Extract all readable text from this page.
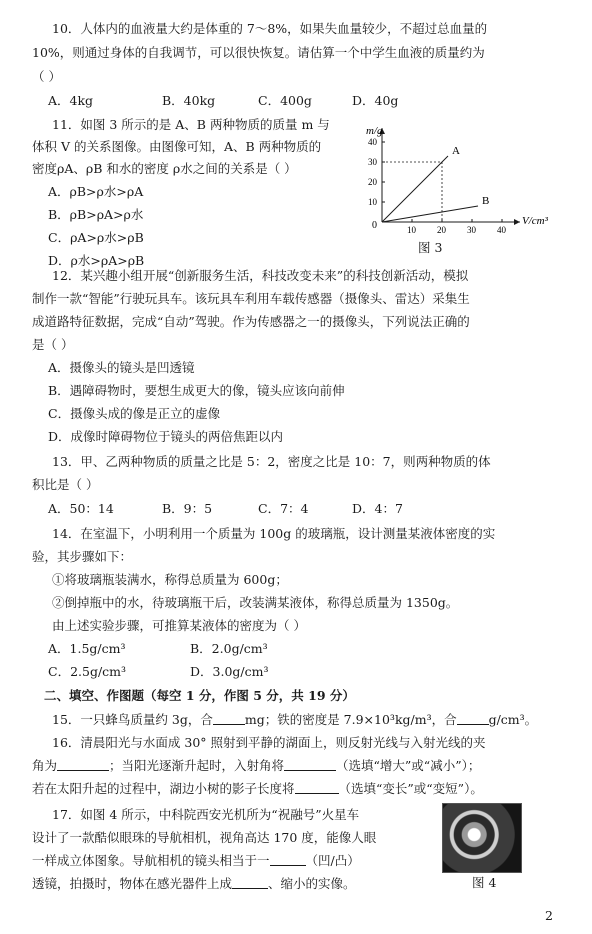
10．人体内的血液量大约是体重的 7～8%，如果失血量较少，不超过总血量的
10%，则通过身体的自我调节，可以很快恢复。请估算一个中学生血液的质量约为
（ ）
A．4kg	B．40kg	C．400g	D．40g
11．如图 3 所示的是 A、B 两种物质的质量 m 与
体积 V 的关系图像。由图像可知，A、B 两种物质的
密度ρA、ρB 和水的密度 ρ水之间的关系是（ ）
A．ρB>ρ水>ρA
B．ρB>ρA>ρ水
C．ρA>ρ水>ρB
D．ρ水>ρA>ρB
10 20 30 40
10
20
30
40
A
B
m/g
V/cm³
0
图 3
12．某兴趣小组开展“创新服务生活，科技改变未来”的科技创新活动，模拟
制作一款“智能”行驶玩具车。该玩具车利用车载传感器（摄像头、雷达）采集生
成道路特征数据，完成“自动”驾驶。作为传感器之一的摄像头，下列说法正确的
是（ ）
A．摄像头的镜头是凹透镜
B．遇障碍物时，要想生成更大的像，镜头应该向前伸
C．摄像头成的像是正立的虚像
D．成像时障碍物位于镜头的两倍焦距以内
13．甲、乙两种物质的质量之比是 5：2，密度之比是 10：7，则两种物质的体
积比是（ ）
A．50：14	B．9：5	C．7：4	D．4：7
14．在室温下，小明利用一个质量为 100g 的玻璃瓶，设计测量某液体密度的实
验，其步骤如下：
①将玻璃瓶装满水，称得总质量为 600g；
②倒掉瓶中的水，待玻璃瓶干后，改装满某液体，称得总质量为 1350g。
由上述实验步骤，可推算某液体的密度为（ ）
A．1.5g/cm³	B．2.0g/cm³
C．2.5g/cm³	D．3.0g/cm³
二、填空、作图题（每空 1 分，作图 5 分，共 19 分）
15．一只蜂鸟质量约 3g，合	mg；铁的密度是 7.9×10³kg/m³，合	g/cm³。
16．清晨阳光与水面成 30° 照射到平静的湖面上，则反射光线与入射光线的夹
角为	；当阳光逐渐升起时，入射角将	（选填“增大”或“减小”）；
若在太阳升起的过程中，湖边小树的影子长度将	（选填“变长”或“变短”）。
17．如图 4 所示，中科院西安光机所为“祝融号”火星车
设计了一款酷似眼珠的导航相机，视角高达 170 度，能像人眼
一样成立体图象。导航相机的镜头相当于一	（凹/凸）
透镜，拍摄时，物体在感光器件上成	、缩小的实像。	图 4
2
